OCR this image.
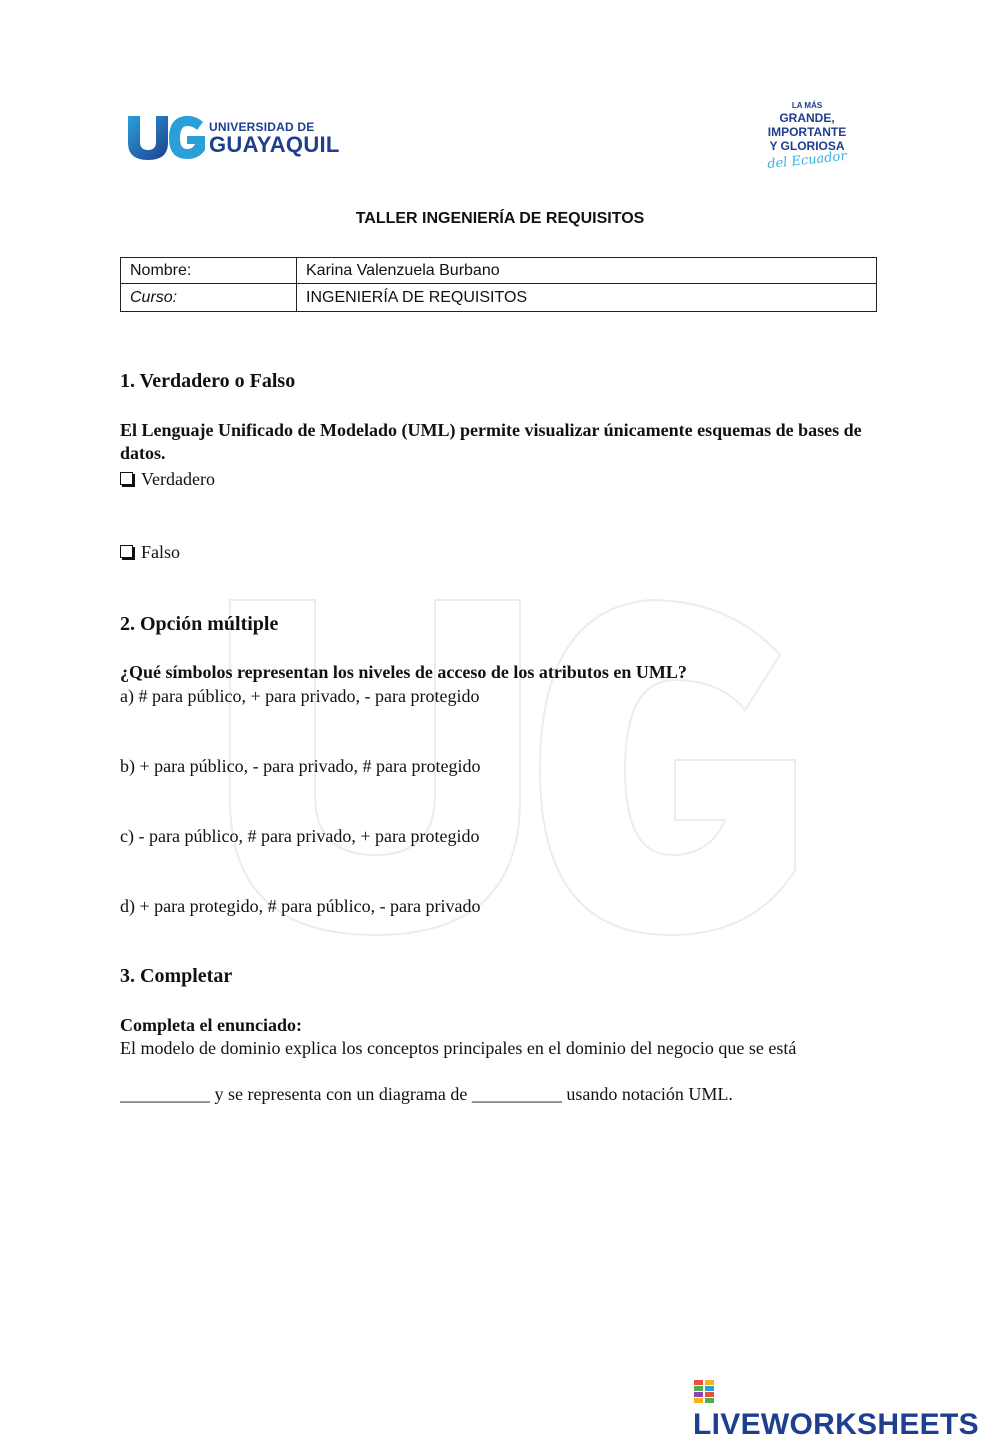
UNIVERSIDAD DE
GUAYAQUIL
LA MÁS
GRANDE,
IMPORTANTE
Y GLORIOSA
del Ecuador
TALLER INGENIERÍA DE REQUISITOS
Nombre:	Karina Valenzuela Burbano
Curso:	INGENIERÍA DE REQUISITOS
1. Verdadero o Falso
El Lenguaje Unificado de Modelado (UML) permite visualizar únicamente esquemas de bases de datos.
Verdadero
Falso
2. Opción múltiple
¿Qué símbolos representan los niveles de acceso de los atributos en UML?
a) # para público, + para privado, - para protegido
b) + para público, - para privado, # para protegido
c) - para público, # para privado, + para protegido
d) + para protegido, # para público, - para privado
3. Completar
Completa el enunciado:
El modelo de dominio explica los conceptos principales en el dominio del negocio que se está
__________ y se representa con un diagrama de __________ usando notación UML.
LIVEWORKSHEETS
